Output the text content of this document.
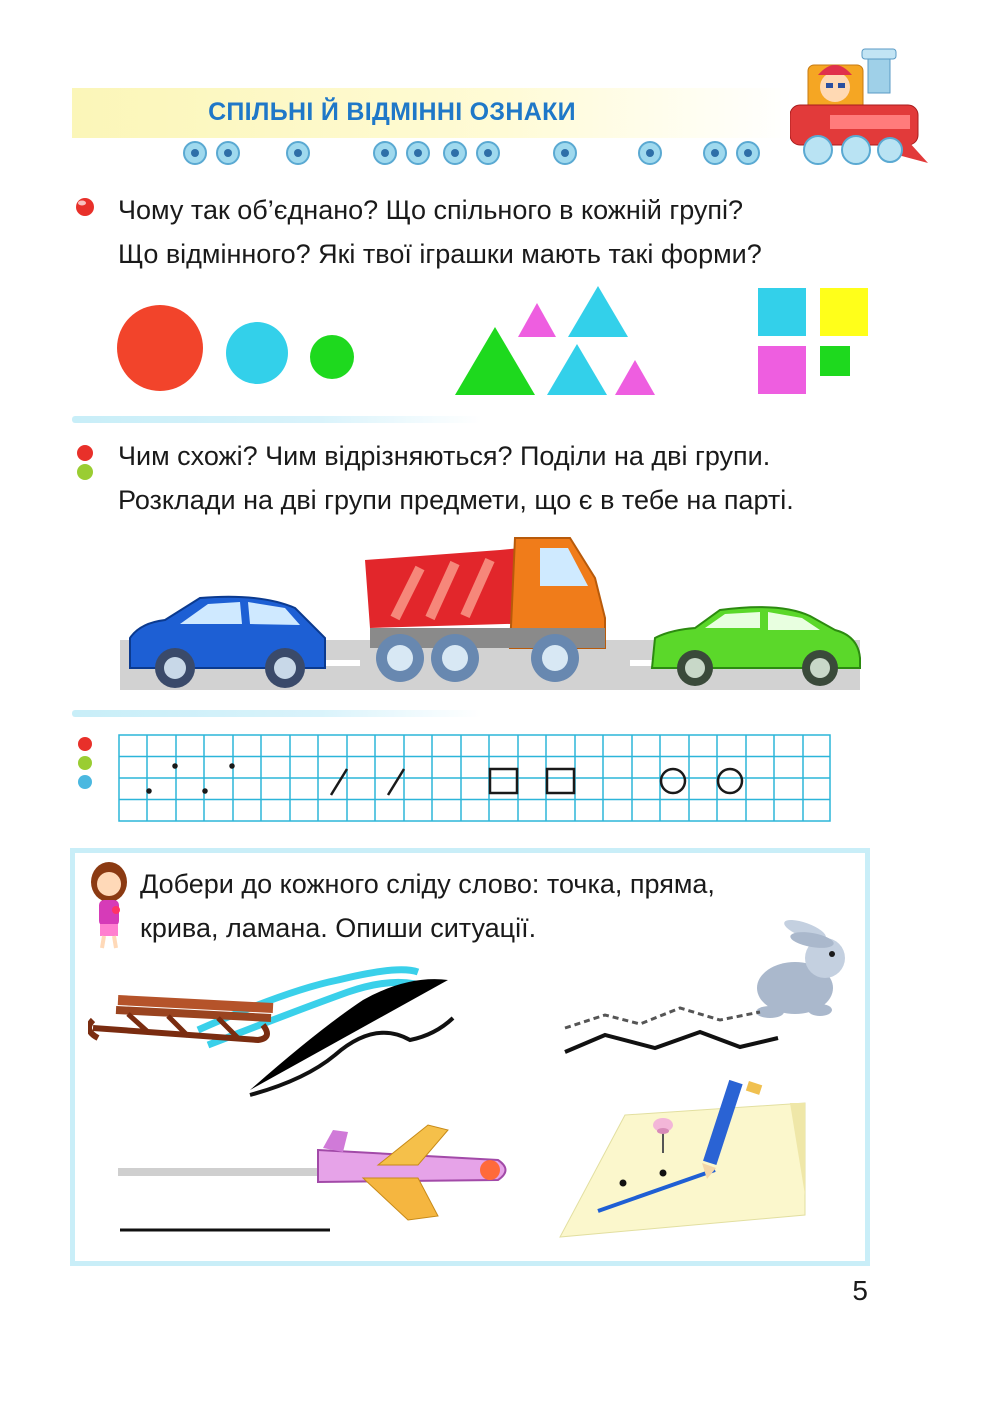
СПІЛЬНІ Й ВІДМІННІ ОЗНАКИ
Чому так об’єднано? Що спільного в кожній групі?
Що відмінного? Які твої іграшки мають такі форми?
Чим схожі? Чим відрізняються? Поділи на дві групи.
Розклади на дві групи предмети, що є в тебе на парті.
Добери до кожного сліду слово: точка, пряма,
крива, ламана. Опиши ситуації.
5
